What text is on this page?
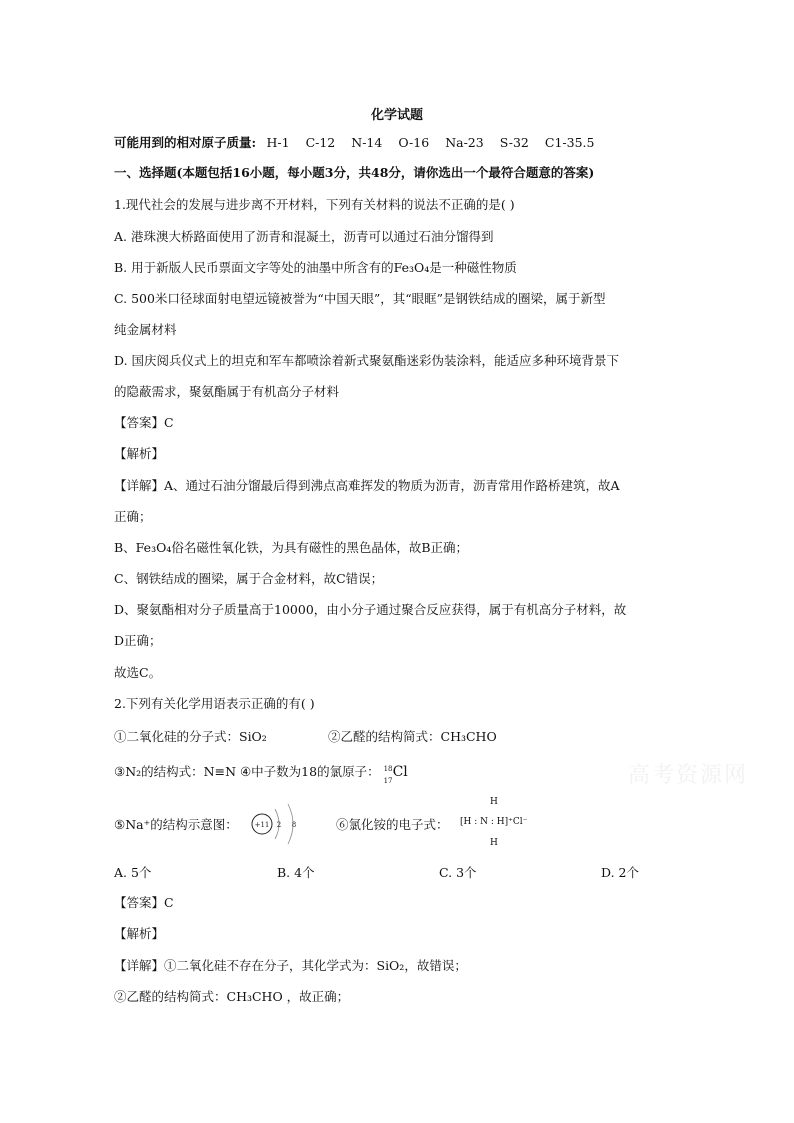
高考资源网
化学试题
可能用到的相对原子质量: H-1 C-12 N-14 O-16 Na-23 S-32 C1-35.5
一、选择题(本题包括16小题，每小题3分，共48分，请你选出一个最符合题意的答案)
1.现代社会的发展与进步离不开材料，下列有关材料的说法不正确的是( )
A. 港珠澳大桥路面使用了沥青和混凝土，沥青可以通过石油分馏得到
B. 用于新版人民币票面文字等处的油墨中所含有的Fe₃O₄是一种磁性物质
C. 500米口径球面射电望远镜被誉为“中国天眼”，其“眼眶”是钢铁结成的圈梁，属于新型
纯金属材料
D. 国庆阅兵仪式上的坦克和军车都喷涂着新式聚氨酯迷彩伪装涂料，能适应多种环境背景下
的隐蔽需求，聚氨酯属于有机高分子材料
【答案】C
【解析】
【详解】A、通过石油分馏最后得到沸点高难挥发的物质为沥青，沥青常用作路桥建筑，故A
正确；
B、Fe₃O₄俗名磁性氧化铁，为具有磁性的黑色晶体，故B正确；
C、钢铁结成的圈梁，属于合金材料，故C错误；
D、聚氨酯相对分子质量高于10000，由小分子通过聚合反应获得，属于有机高分子材料，故
D正确；
故选C。
2.下列有关化学用语表示正确的有( )
①二氧化硅的分子式：SiO₂	②乙醛的结构简式：CH₃CHO
③N₂的结构式：N≡N ④中子数为18的氯原子： 18
17
Cl
⑤Na⁺的结构示意图： +11 2 8	⑥氯化铵的电子式：
H
[H : N : H]⁺Cl⁻
H
A. 5个	B. 4个	C. 3个	D. 2个
【答案】C
【解析】
【详解】①二氧化硅不存在分子，其化学式为：SiO₂，故错误；
②乙醛的结构简式：CH₃CHO ，故正确；
